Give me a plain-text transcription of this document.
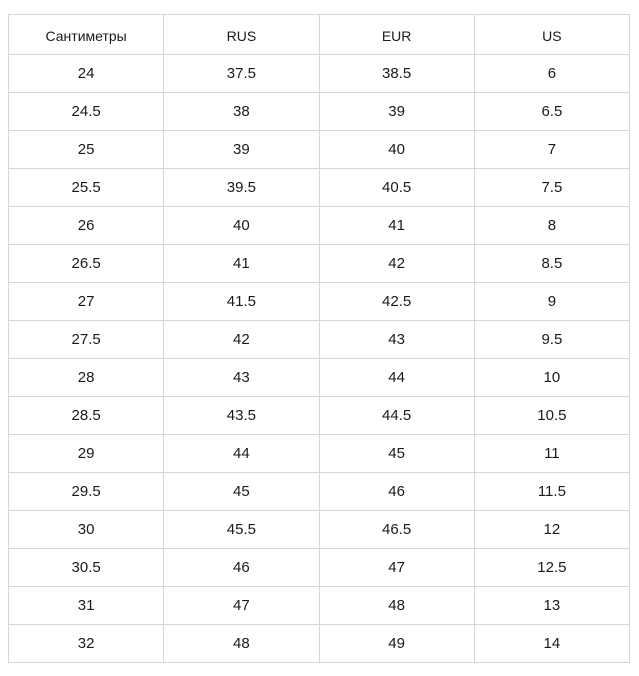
Сантиметры	RUS	EUR	US
24	37.5	38.5	6
24.5	38	39	6.5
25	39	40	7
25.5	39.5	40.5	7.5
26	40	41	8
26.5	41	42	8.5
27	41.5	42.5	9
27.5	42	43	9.5
28	43	44	10
28.5	43.5	44.5	10.5
29	44	45	11
29.5	45	46	11.5
30	45.5	46.5	12
30.5	46	47	12.5
31	47	48	13
32	48	49	14
